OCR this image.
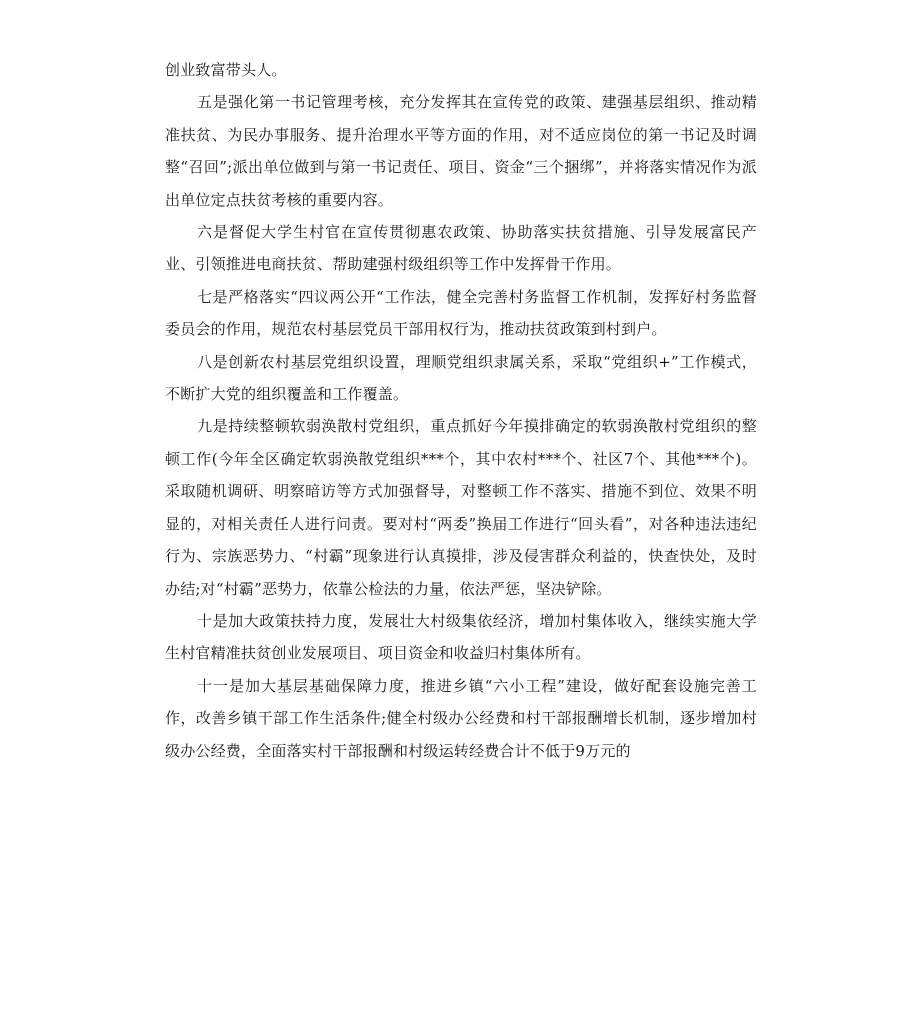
创业致富带头人。

五是强化第一书记管理考核，充分发挥其在宣传党的政策、建强基层组织、推动精准扶贫、为民办事服务、提升治理水平等方面的作用，对不适应岗位的第一书记及时调整“召回”;派出单位做到与第一书记责任、项目、资金“三个捆绑”，并将落实情况作为派出单位定点扶贫考核的重要内容。

六是督促大学生村官在宣传贯彻惠农政策、协助落实扶贫措施、引导发展富民产业、引领推进电商扶贫、帮助建强村级组织等工作中发挥骨干作用。

七是严格落实“四议两公开“工作法，健全完善村务监督工作机制，发挥好村务监督委员会的作用，规范农村基层党员干部用权行为，推动扶贫政策到村到户。

八是创新农村基层党组织设置，理顺党组织隶属关系，采取“党组织+”工作模式，不断扩大党的组织覆盖和工作覆盖。

九是持续整顿软弱涣散村党组织，重点抓好今年摸排确定的软弱涣散村党组织的整顿工作(今年全区确定软弱涣散党组织***个，其中农村***个、社区7个、其他***个)。采取随机调研、明察暗访等方式加强督导，对整顿工作不落实、措施不到位、效果不明显的，对相关责任人进行问责。要对村“两委”换届工作进行“回头看”，对各种违法违纪行为、宗族恶势力、“村霸”现象进行认真摸排，涉及侵害群众利益的，快查快处，及时办结;对“村霸”恶势力，依靠公检法的力量，依法严惩，坚决铲除。

十是加大政策扶持力度，发展壮大村级集依经济，增加村集体收入，继续实施大学生村官精准扶贫创业发展项目、项目资金和收益归村集体所有。

十一是加大基层基础保障力度，推进乡镇“六小工程”建设，做好配套设施完善工作，改善乡镇干部工作生活条件;健全村级办公经费和村干部报酬增长机制，逐步增加村级办公经费，全面落实村干部报酬和村级运转经费合计不低于9万元的
